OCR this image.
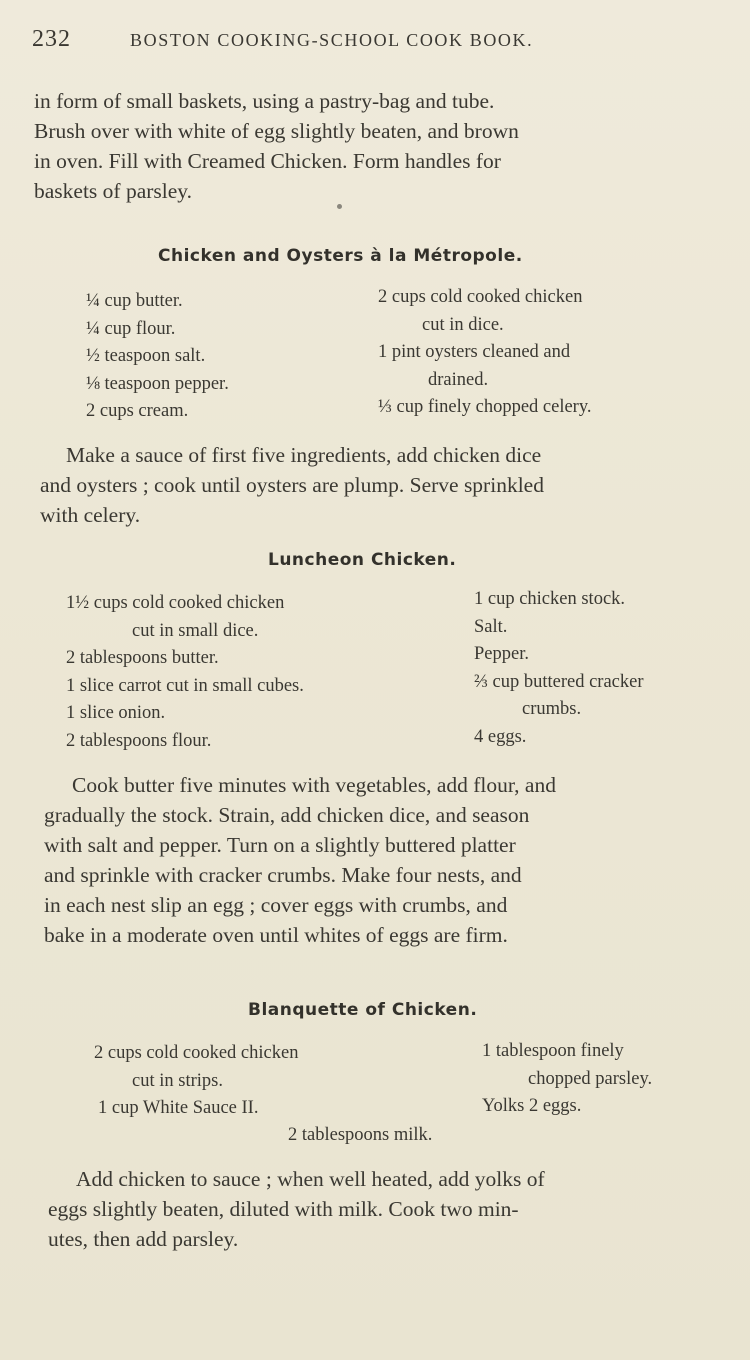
232	BOSTON COOKING-SCHOOL COOK BOOK.

in form of small baskets, using a pastry-bag and tube.
Brush over with white of egg slightly beaten, and brown
in oven. Fill with Creamed Chicken. Form handles for
baskets of parsley.

Chicken and Oysters à la Métropole.
¼ cup butter.
¼ cup flour.
½ teaspoon salt.
⅛ teaspoon pepper.
2 cups cream.
2 cups cold cooked chicken
cut in dice.
1 pint oysters cleaned and
drained.
⅓ cup finely chopped celery.

Make a sauce of first five ingredients, add chicken dice
and oysters ; cook until oysters are plump. Serve sprinkled
with celery.

Luncheon Chicken.
1½ cups cold cooked chicken
cut in small dice.
2 tablespoons butter.
1 slice carrot cut in small cubes.
1 slice onion.
2 tablespoons flour.
1 cup chicken stock.
Salt.
Pepper.
⅔ cup buttered cracker
crumbs.
4 eggs.

Cook butter five minutes with vegetables, add flour, and
gradually the stock. Strain, add chicken dice, and season
with salt and pepper. Turn on a slightly buttered platter
and sprinkle with cracker crumbs. Make four nests, and
in each nest slip an egg ; cover eggs with crumbs, and
bake in a moderate oven until whites of eggs are firm.

Blanquette of Chicken.
2 cups cold cooked chicken
cut in strips.
1 cup White Sauce II.
1 tablespoon finely
chopped parsley.
Yolks 2 eggs.
2 tablespoons milk.

Add chicken to sauce ; when well heated, add yolks of
eggs slightly beaten, diluted with milk. Cook two min-
utes, then add parsley.
